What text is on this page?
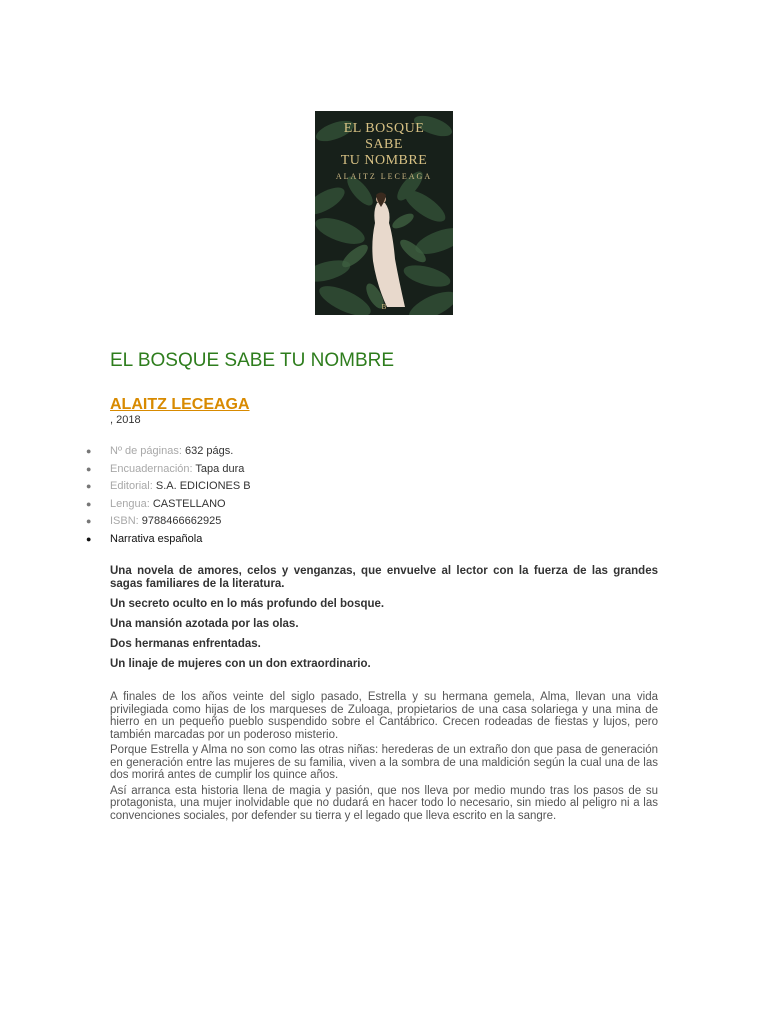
B
EL BOSQUE
SABE
TU NOMBRE
ALAITZ LECEAGA
EL BOSQUE SABE TU NOMBRE
ALAITZ LECEAGA
, 2018
● Nº de páginas: 632 págs.
● Encuadernación: Tapa dura
● Editorial: S.A. EDICIONES B
● Lengua: CASTELLANO
● ISBN: 9788466662925
● Narrativa española

Una novela de amores, celos y venganzas, que envuelve al lector con la fuerza de las grandes sagas familiares de la literatura.

Un secreto oculto en lo más profundo del bosque.

Una mansión azotada por las olas.

Dos hermanas enfrentadas.

Un linaje de mujeres con un don extraordinario.

A finales de los años veinte del siglo pasado, Estrella y su hermana gemela, Alma, llevan una vida privilegiada como hijas de los marqueses de Zuloaga, propietarios de una casa solariega y una mina de hierro en un pequeño pueblo suspendido sobre el Cantábrico. Crecen rodeadas de fiestas y lujos, pero también marcadas por un poderoso misterio.

Porque Estrella y Alma no son como las otras niñas: herederas de un extraño don que pasa de generación en generación entre las mujeres de su familia, viven a la sombra de una maldición según la cual una de las dos morirá antes de cumplir los quince años.

Así arranca esta historia llena de magia y pasión, que nos lleva por medio mundo tras los pasos de su protagonista, una mujer inolvidable que no dudará en hacer todo lo necesario, sin miedo al peligro ni a las convenciones sociales, por defender su tierra y el legado que lleva escrito en la sangre.
